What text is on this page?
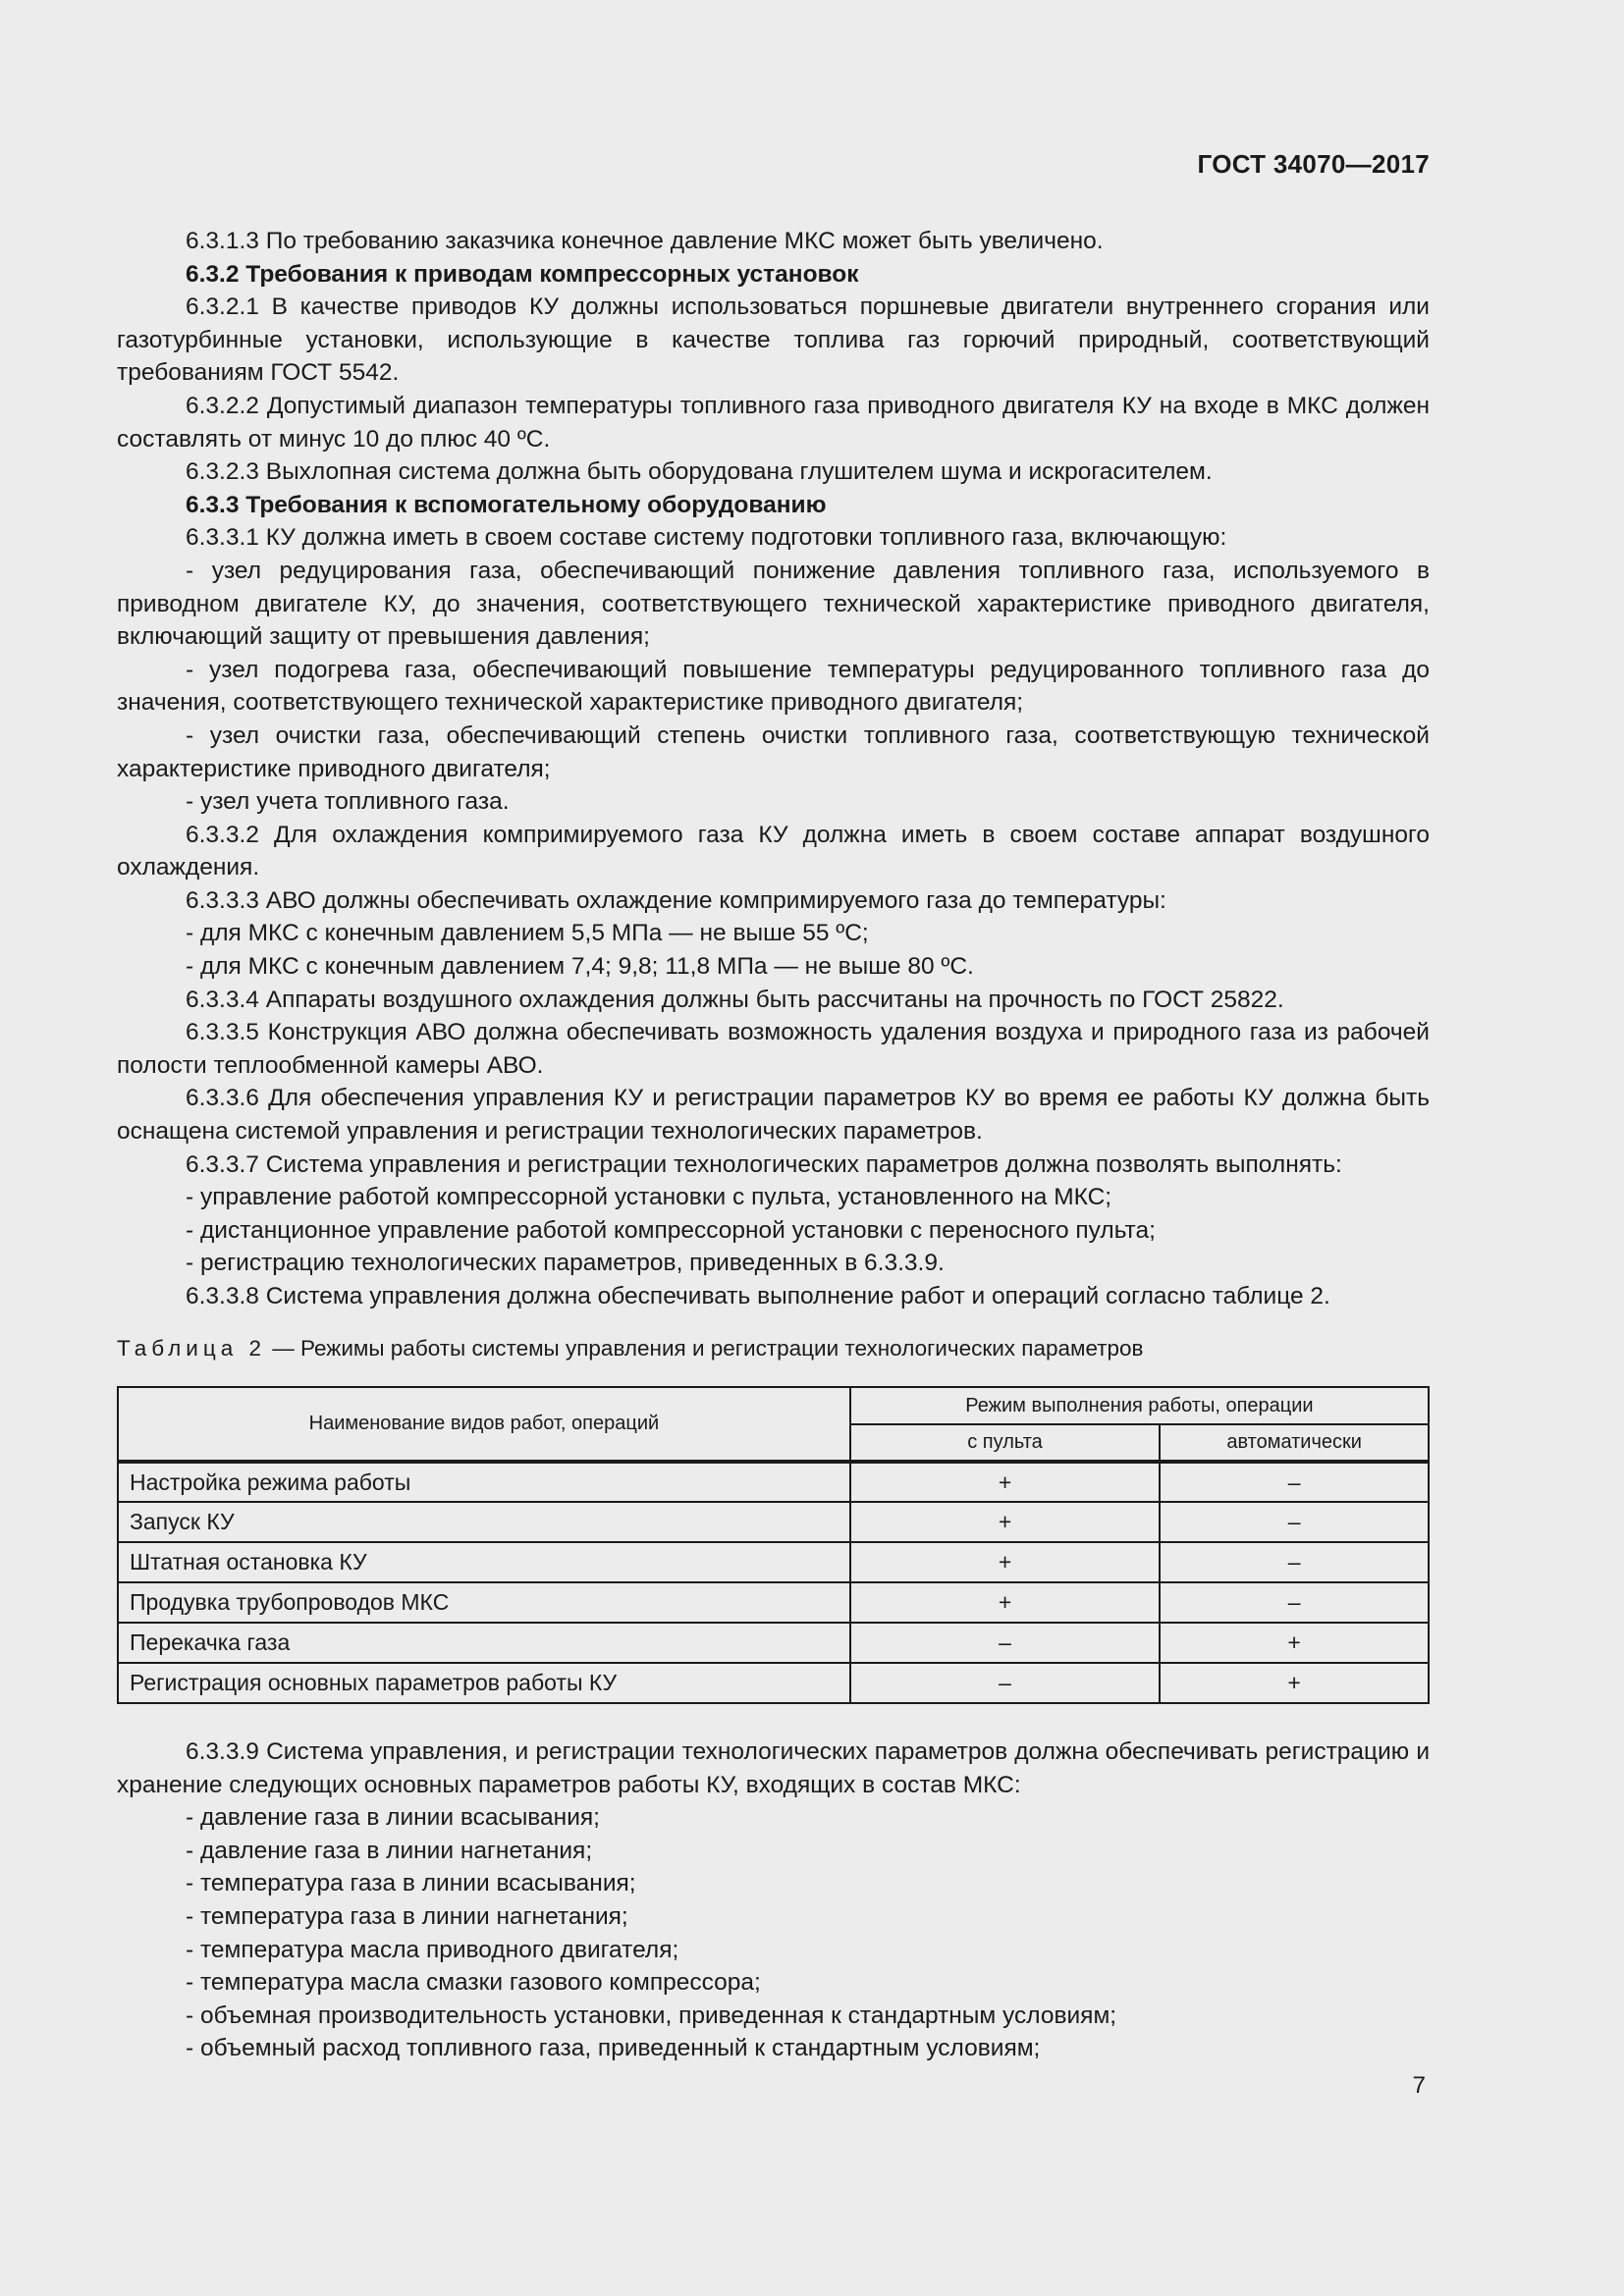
ГОСТ 34070—2017

6.3.1.3 По требованию заказчика конечное давление МКС может быть увеличено.

6.3.2 Требования к приводам компрессорных установок

6.3.2.1 В качестве приводов КУ должны использоваться поршневые двигатели внутреннего сгорания или газотурбинные установки, использующие в качестве топлива газ горючий природный, соответствующий требованиям ГОСТ 5542.

6.3.2.2 Допустимый диапазон температуры топливного газа приводного двигателя КУ на входе в МКС должен составлять от минус 10 до плюс 40 ºС.

6.3.2.3 Выхлопная система должна быть оборудована глушителем шума и искрогасителем.

6.3.3 Требования к вспомогательному оборудованию

6.3.3.1 КУ должна иметь в своем составе систему подготовки топливного газа, включающую:

- узел редуцирования газа, обеспечивающий понижение давления топливного газа, используемого в приводном двигателе КУ, до значения, соответствующего технической характеристике приводного двигателя, включающий защиту от превышения давления;

- узел подогрева газа, обеспечивающий повышение температуры редуцированного топливного газа до значения, соответствующего технической характеристике приводного двигателя;

- узел очистки газа, обеспечивающий степень очистки топливного газа, соответствующую технической характеристике приводного двигателя;

- узел учета топливного газа.

6.3.3.2 Для охлаждения компримируемого газа КУ должна иметь в своем составе аппарат воздушного охлаждения.

6.3.3.3 АВО должны обеспечивать охлаждение компримируемого газа до температуры:

- для МКС с конечным давлением 5,5 МПа — не выше 55 ºС;

- для МКС с конечным давлением 7,4; 9,8; 11,8 МПа — не выше 80 ºС.

6.3.3.4 Аппараты воздушного охлаждения должны быть рассчитаны на прочность по ГОСТ 25822.

6.3.3.5 Конструкция АВО должна обеспечивать возможность удаления воздуха и природного газа из рабочей полости теплообменной камеры АВО.

6.3.3.6 Для обеспечения управления КУ и регистрации параметров КУ во время ее работы КУ должна быть оснащена системой управления и регистрации технологических параметров.

6.3.3.7 Система управления и регистрации технологических параметров должна позволять выполнять:

- управление работой компрессорной установки с пульта, установленного на МКС;

- дистанционное управление работой компрессорной установки с переносного пульта;

- регистрацию технологических параметров, приведенных в 6.3.3.9.

6.3.3.8 Система управления должна обеспечивать выполнение работ и операций согласно таблице 2.

Таблица 2 — Режимы работы системы управления и регистрации технологических параметров
Наименование видов работ, операций	Режим выполнения работы, операции	
	с пульта	автоматически
Настройка режима работы	+	–
Запуск КУ	+	–
Штатная остановка КУ	+	–
Продувка трубопроводов МКС	+	–
Перекачка газа	–	+
Регистрация основных параметров работы КУ	–	+

6.3.3.9 Система управления, и регистрации технологических параметров должна обеспечивать регистрацию и хранение следующих основных параметров работы КУ, входящих в состав МКС:

- давление газа в линии всасывания;

- давление газа в линии нагнетания;

- температура газа в линии всасывания;

- температура газа в линии нагнетания;

- температура масла приводного двигателя;

- температура масла смазки газового компрессора;

- объемная производительность установки, приведенная к стандартным условиям;

- объемный расход топливного газа, приведенный к стандартным условиям;

7
